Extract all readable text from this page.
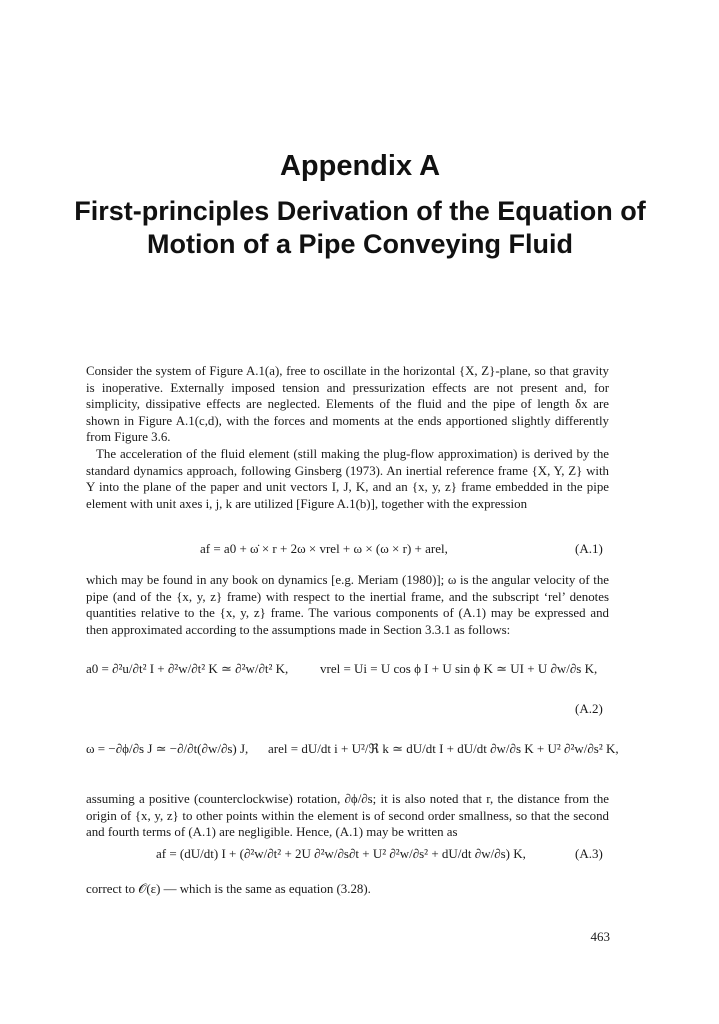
Appendix A
First-principles Derivation of the Equation of Motion of a Pipe Conveying Fluid

Consider the system of Figure A.1(a), free to oscillate in the horizontal {X, Z}-plane, so that gravity is inoperative. Externally imposed tension and pressurization effects are not present and, for simplicity, dissipative effects are neglected. Elements of the fluid and the pipe of length δx are shown in Figure A.1(c,d), with the forces and moments at the ends apportioned slightly differently from Figure 3.6.

The acceleration of the fluid element (still making the plug-flow approximation) is derived by the standard dynamics approach, following Ginsberg (1973). An inertial reference frame {X, Y, Z} with Y into the plane of the paper and unit vectors I, J, K, and an {x, y, z} frame embedded in the pipe element with unit axes i, j, k are utilized [Figure A.1(b)], together with the expression

af = a0 + ω̇ × r + 2ω × vrel + ω × (ω × r) + arel,	(A.1)

which may be found in any book on dynamics [e.g. Meriam (1980)]; ω is the angular velocity of the pipe (and of the {x, y, z} frame) with respect to the inertial frame, and the subscript ‘rel’ denotes quantities relative to the {x, y, z} frame. The various components of (A.1) may be expressed and then approximated according to the assumptions made in Section 3.3.1 as follows:

a0 = ∂²u/∂t² I + ∂²w/∂t² K ≃ ∂²w/∂t² K, vrel = Ui = U cos ϕ I + U sin ϕ K ≃ UI + U ∂w/∂s K,
(A.2)
ω = −∂ϕ/∂s J ≃ −∂/∂t(∂w/∂s) J, arel = dU/dt i + U²/ℜ k ≃ dU/dt I + dU/dt ∂w/∂s K + U² ∂²w/∂s² K,

assuming a positive (counterclockwise) rotation, ∂ϕ/∂s; it is also noted that r, the distance from the origin of {x, y, z} to other points within the element is of second order smallness, so that the second and fourth terms of (A.1) are negligible. Hence, (A.1) may be written as

af = (dU/dt) I + (∂²w/∂t² + 2U ∂²w/∂s∂t + U² ∂²w/∂s² + dU/dt ∂w/∂s) K,	(A.3)

correct to 𝒪(ε) — which is the same as equation (3.28).

463
